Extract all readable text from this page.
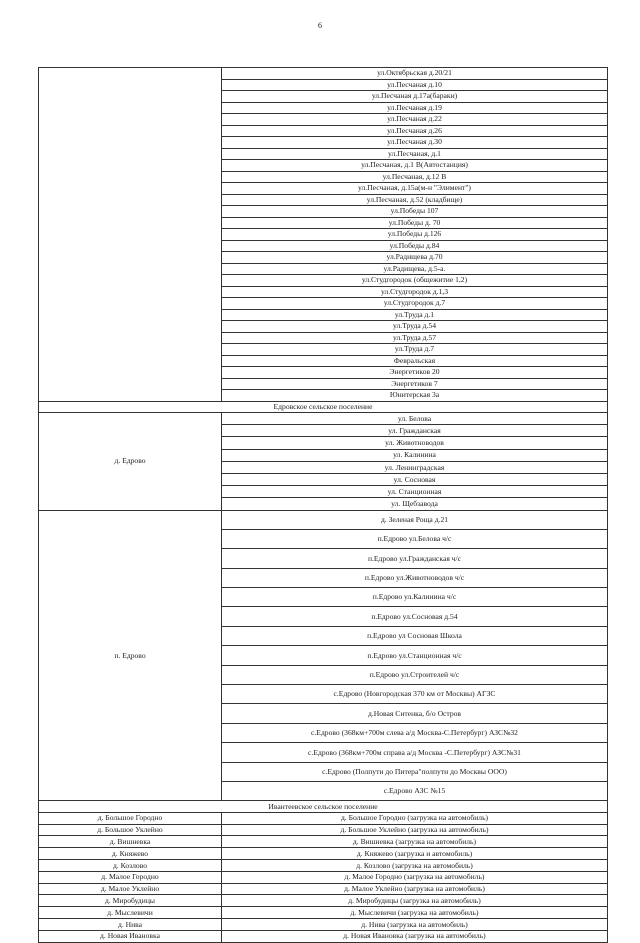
6
	ул.Октябрьская д.20/21
	ул.Песчаная д.10
	ул.Песчаная д.17а(бараки)
	ул.Песчаная д.19
	ул.Песчаная д.22
	ул.Песчаная д.26
	ул.Песчаная д.30
	ул.Песчаная, д.1
	ул.Песчаная, д.1 В(Автостанция)
	ул.Песчаная, д.12 В
	ул.Песчаная, д.15а(м-н "Элимент")
	ул.Песчаная, д.52 (кладбище)
	ул.Победы 107
	ул.Победы д. 70
	ул.Победы д.126
	ул.Победы д.84
	ул.Радищева д.70
	ул.Радищева, д.5-а.
	ул.Студгородок (общежитие 1,2)
	ул.Студгородок д.1,3
	ул.Студгородок д.7
	ул.Труда д.1
	ул.Труда д.54
	ул.Труда д.57
	ул.Труда д.7
	Февральская
	Энергетиков 20
	Энергетиков 7
	Юнитерская 3а
Едровское сельское поселение	
д. Едрово	ул. Белова
	ул. Гражданская
	ул. Животноводов
	ул. Калинина
	ул. Ленинградская
	ул. Сосновая
	ул. Станционная
	ул. Щебзавода
п. Едрово	д. Зеленая Роща д.21
	п.Едрово ул.Белова ч/с
	п.Едрово ул.Гражданская ч/с
	п.Едрово ул.Животноводов ч/с
	п.Едрово ул.Калинина ч/с
	п.Едрово ул.Сосновая д.54
	п.Едрово ул Сосновая Школа
	п.Едрово ул.Станционная ч/с
	п.Едрово ул.Строителей ч/с
	с.Едрово (Новгородская 370 км от Москвы) АГЗС
	д.Новая Ситенка, б/о Остров
	с.Едрово (368км+700м слева а/д Москва-С.Петербург) АЗС№32
	с.Едрово (368км+700м справа а/д Москва -С.Петербург) АЗС№31
	с.Едрово (Полпути до Питера"полпути до Москвы ООО)
	с.Едрово АЗС №15
Ивантеевское сельское поселение	
д. Большое Городно	д. Большое Городно (загрузка на автомобиль)
д. Большое Уклейно	д. Большое Уклейно (загрузка на автомобиль)
д. Вишневка	д. Вишневка (загрузка на автомобиль)
д. Княжево	д. Княжево (загрузка и автомобиль)
д. Козлово	д. Козлово (загрузка на автомобиль)
д. Малое Городно	д. Малое Городно (загрузка на автомобиль)
д. Малое Уклейно	д. Малое Уклейно (загрузка на автомобиль)
д. Миробудицы	д. Миробудицы (загрузка на автомобиль)
д. Мыслевичи	д. Мыслевичи (загрузка на автомобиль)
д. Нива	д. Нива (загрузка на автомобиль)
д. Новая Ивановка	д. Новая Ивановка (загрузка на автомобиль)
